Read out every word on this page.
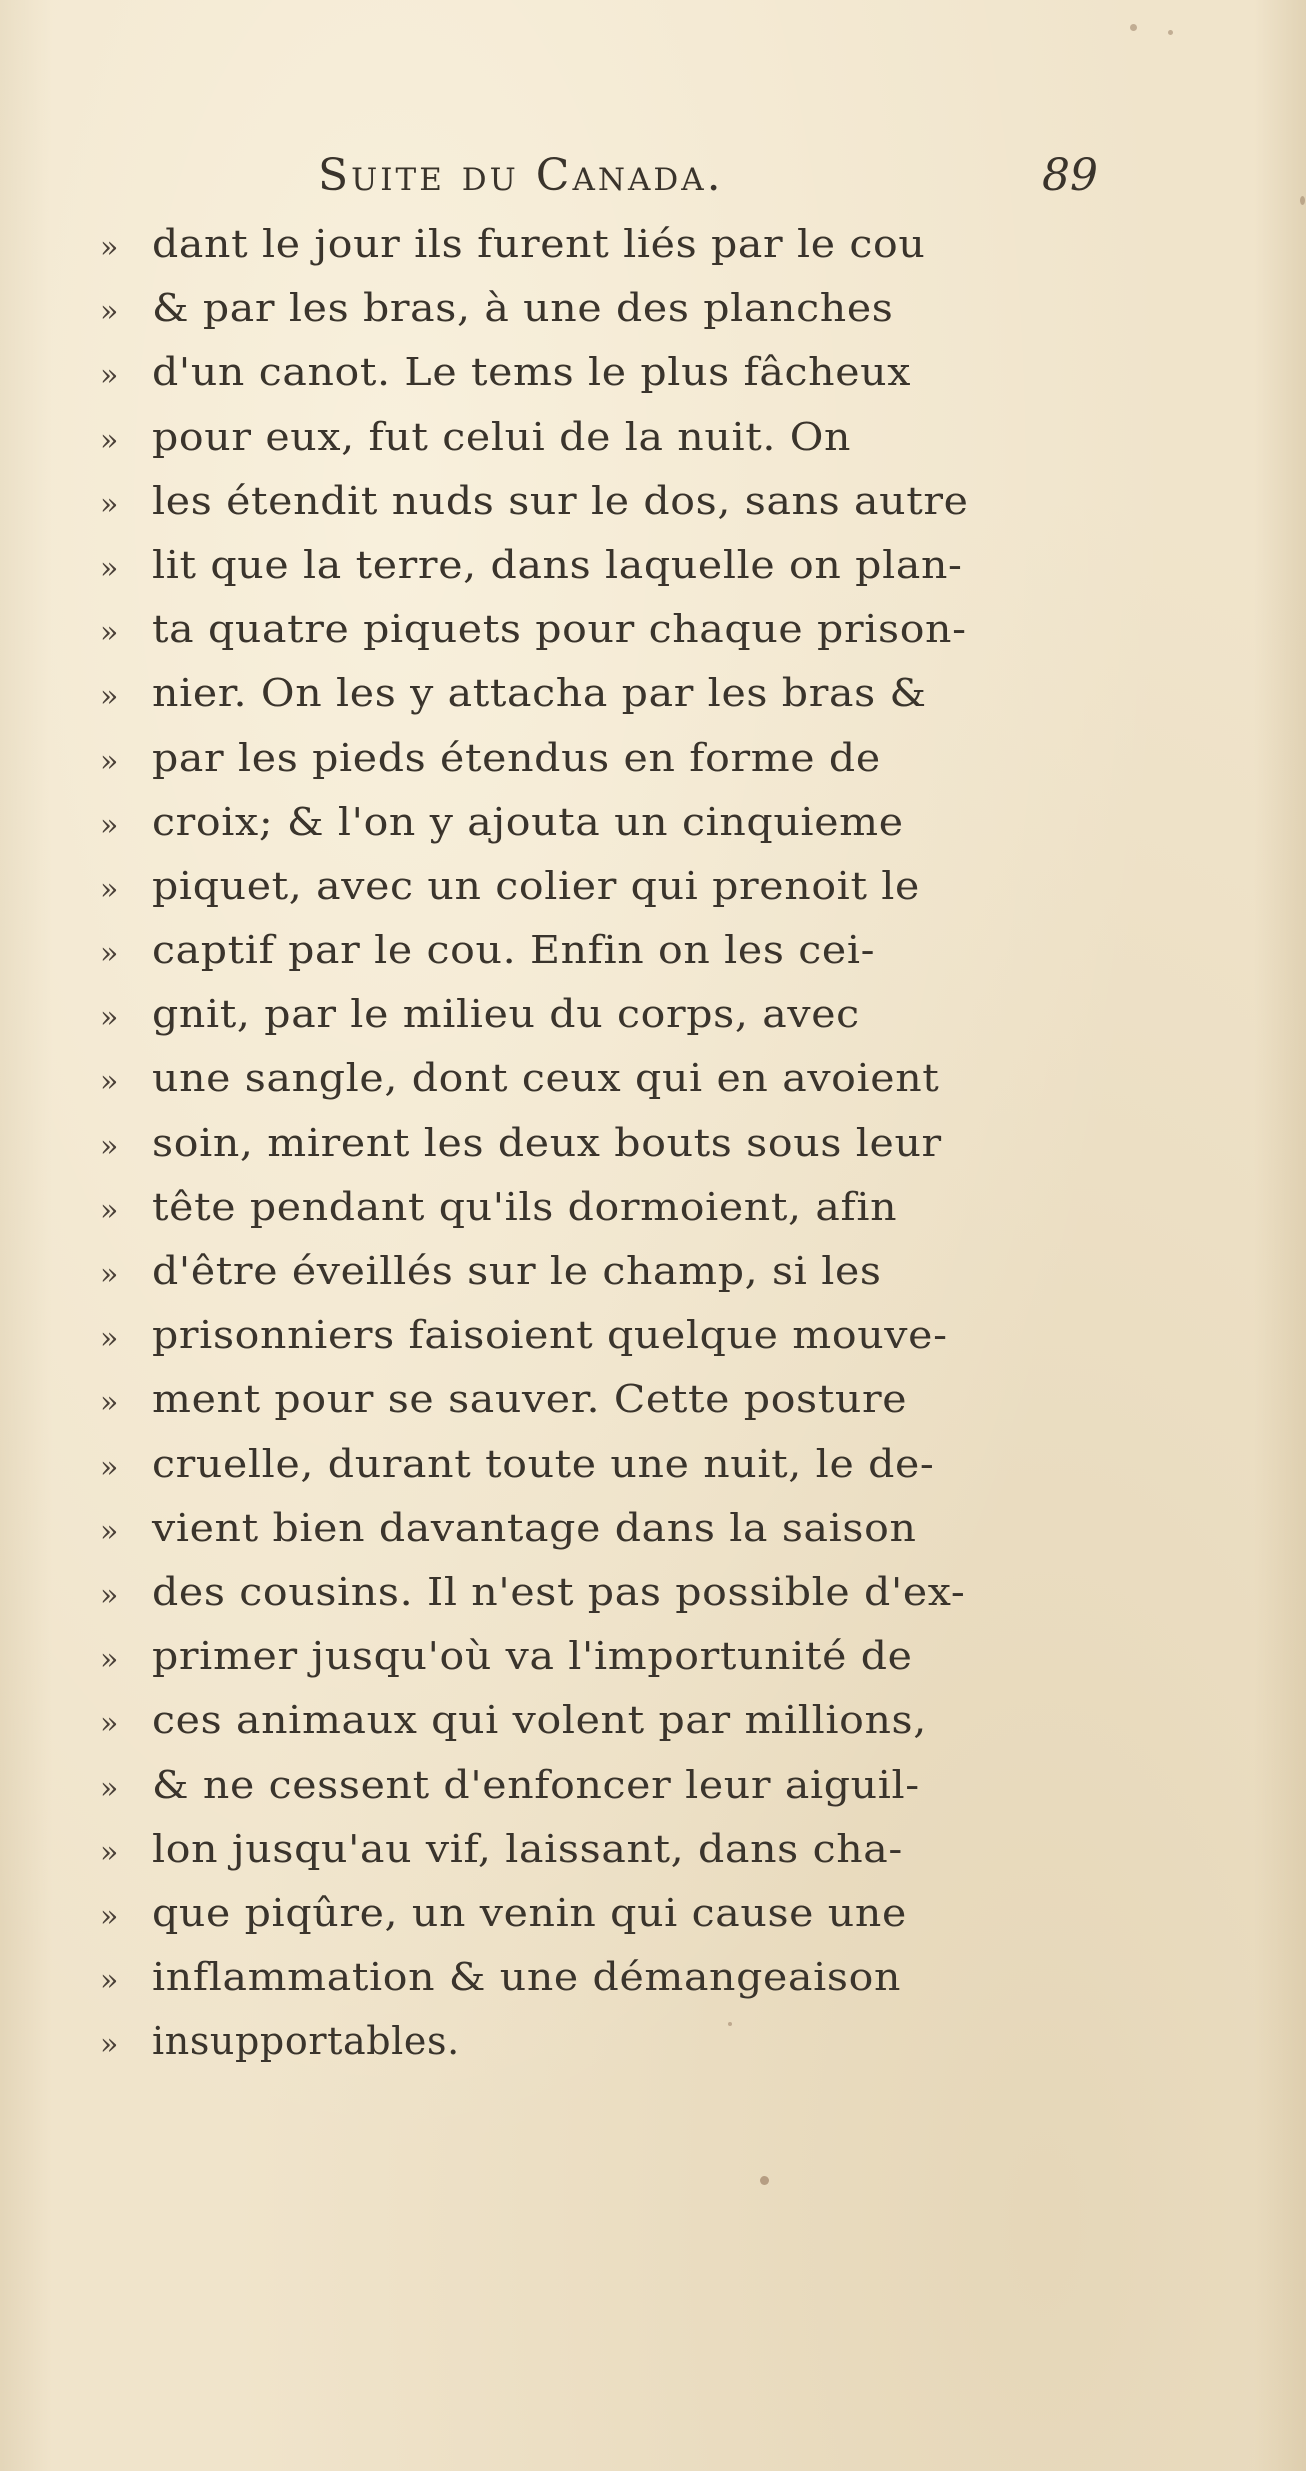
Suite du Canada.	89
» dant le jour ils furent liés par le cou
» & par les bras, à une des planches
» d'un canot. Le tems le plus fâcheux
» pour eux, fut celui de la nuit. On
» les étendit nuds sur le dos, sans autre
» lit que la terre, dans laquelle on plan-
» ta quatre piquets pour chaque prison-
» nier. On les y attacha par les bras &
» par les pieds étendus en forme de
» croix; & l'on y ajouta un cinquieme
» piquet, avec un colier qui prenoit le
» captif par le cou. Enfin on les cei-
» gnit, par le milieu du corps, avec
» une sangle, dont ceux qui en avoient
» soin, mirent les deux bouts sous leur
» tête pendant qu'ils dormoient, afin
» d'être éveillés sur le champ, si les
» prisonniers faisoient quelque mouve-
» ment pour se sauver. Cette posture
» cruelle, durant toute une nuit, le de-
» vient bien davantage dans la saison
» des cousins. Il n'est pas possible d'ex-
» primer jusqu'où va l'importunité de
» ces animaux qui volent par millions,
» & ne cessent d'enfoncer leur aiguil-
» lon jusqu'au vif, laissant, dans cha-
» que piqûre, un venin qui cause une
» inflammation & une démangeaison
» insupportables.
